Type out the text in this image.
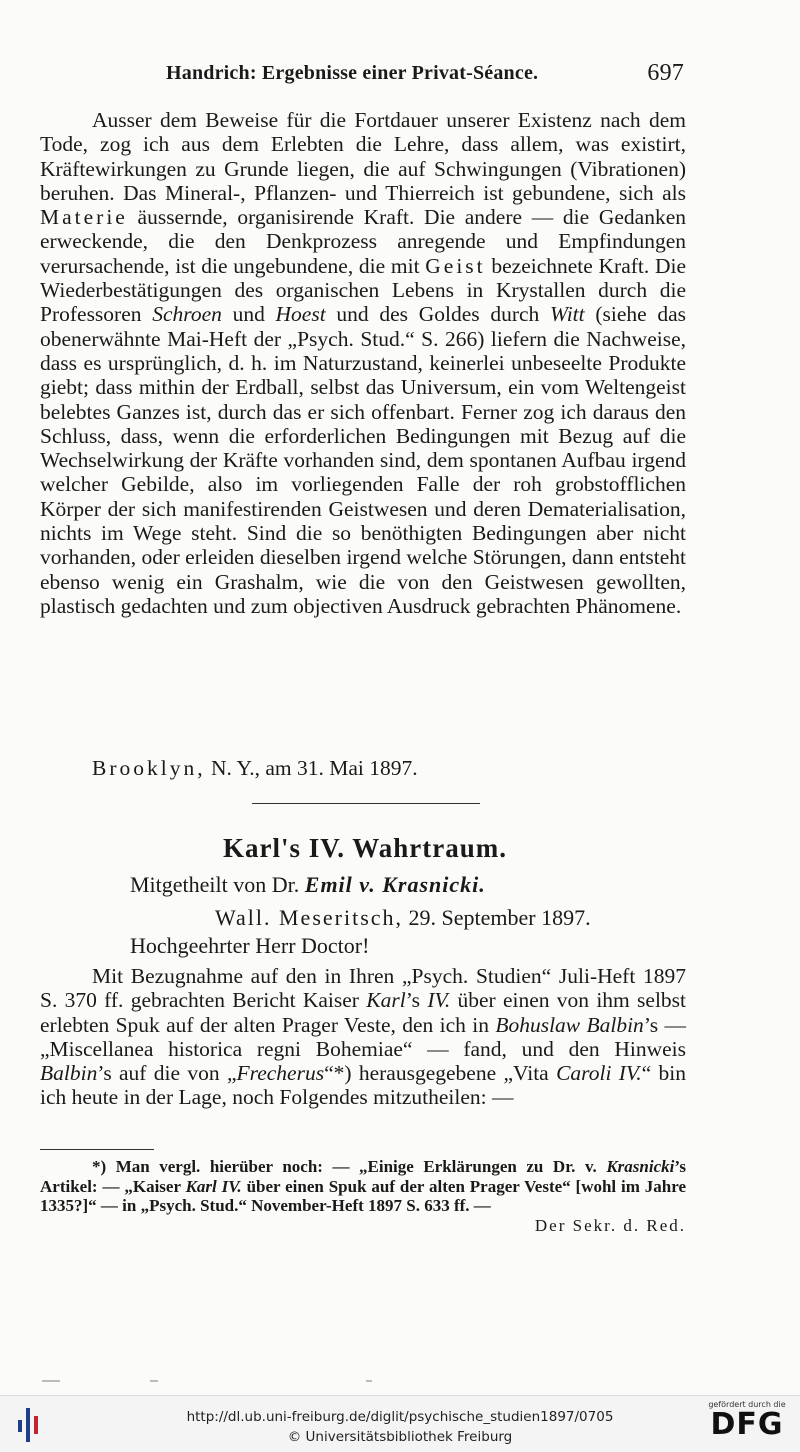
Handrich: Ergebnisse einer Privat-Séance.	697
Ausser dem Beweise für die Fortdauer unserer Existenz nach dem Tode, zog ich aus dem Erlebten die Lehre, dass allem, was existirt, Kräftewirkungen zu Grunde liegen, die auf Schwingungen (Vibrationen) beruhen. Das Mineral-, Pflanzen- und Thierreich ist gebundene, sich als Materie äussernde, organisirende Kraft. Die andere — die Gedanken erweckende, die den Denkprozess anregende und Empfindungen verursachende, ist die ungebundene, die mit Geist bezeichnete Kraft. Die Wiederbestätigungen des organischen Lebens in Krystallen durch die Professoren Schroen und Hoest und des Goldes durch Witt (siehe das obenerwähnte Mai-Heft der „Psych. Stud.“ S. 266) liefern die Nachweise, dass es ursprünglich, d. h. im Naturzustand, keinerlei unbeseelte Produkte giebt; dass mithin der Erdball, selbst das Universum, ein vom Weltengeist belebtes Ganzes ist, durch das er sich offenbart. Ferner zog ich daraus den Schluss, dass, wenn die erforderlichen Bedingungen mit Bezug auf die Wechselwirkung der Kräfte vorhanden sind, dem spontanen Aufbau irgend welcher Gebilde, also im vorliegenden Falle der roh grobstofflichen Körper der sich manifestirenden Geistwesen und deren Dematerialisation, nichts im Wege steht. Sind die so benöthigten Bedingungen aber nicht vorhanden, oder erleiden dieselben irgend welche Störungen, dann entsteht ebenso wenig ein Grashalm, wie die von den Geistwesen gewollten, plastisch gedachten und zum objectiven Ausdruck gebrachten Phänomene.
Brooklyn, N. Y., am 31. Mai 1897.
Karl's IV. Wahrtraum.
Mitgetheilt von Dr. Emil v. Krasnicki.
Wall. Meseritsch, 29. September 1897.
Hochgeehrter Herr Doctor!
Mit Bezugnahme auf den in Ihren „Psych. Studien“ Juli-Heft 1897 S. 370 ff. gebrachten Bericht Kaiser Karl’s IV. über einen von ihm selbst erlebten Spuk auf der alten Prager Veste, den ich in Bohuslaw Balbin’s — „Miscellanea historica regni Bohemiae“ — fand, und den Hinweis Balbin’s auf die von „Frecherus“*) herausgegebene „Vita Caroli IV.“ bin ich heute in der Lage, noch Folgendes mitzutheilen: —
*) Man vergl. hierüber noch: — „Einige Erklärungen zu Dr. v. Krasnicki’s Artikel: — „Kaiser Karl IV. über einen Spuk auf der alten Prager Veste“ [wohl im Jahre 1335?]“ — in „Psych. Stud.“ November-Heft 1897 S. 633 ff. —
Der Sekr. d. Red.
http://dl.ub.uni-freiburg.de/diglit/psychische_studien1897/0705
© Universitätsbibliothek Freiburg
gefördert durch die
DFG
